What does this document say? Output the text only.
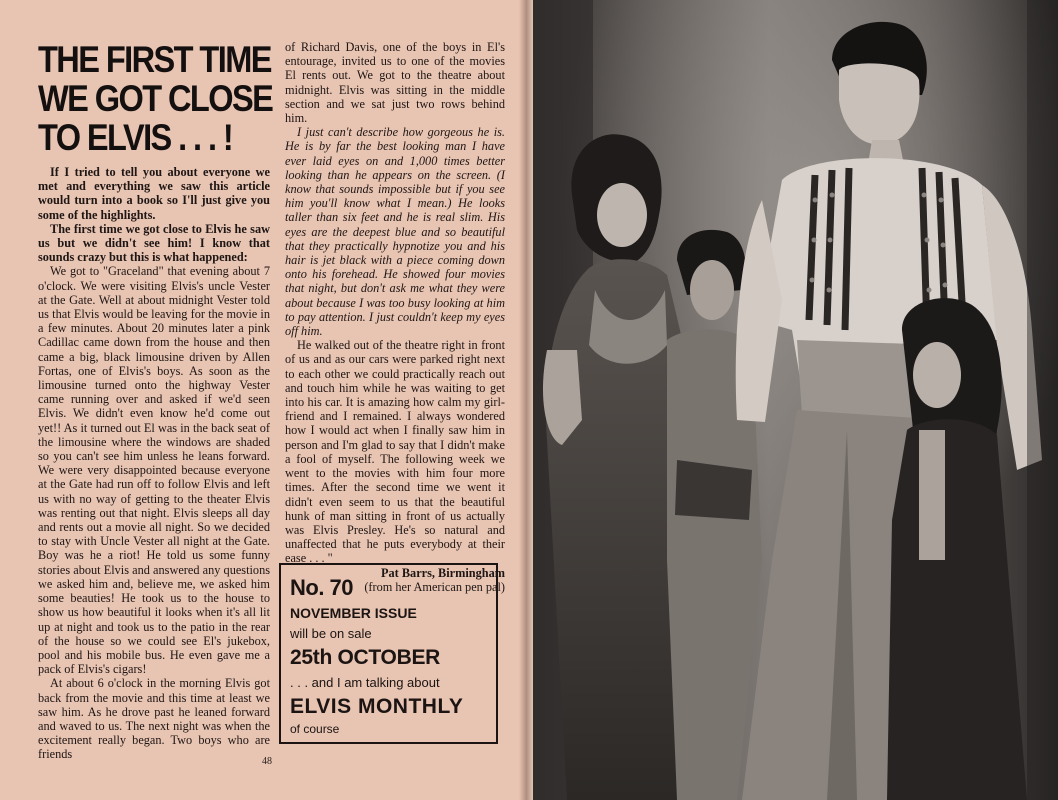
THE FIRST TIME
WE GOT CLOSE
TO ELVIS . . . !

If I tried to tell you about everyone we met and everything we saw this article would turn into a book so I'll just give you some of the highlights.

The first time we got close to Elvis he saw us but we didn't see him! I know that sounds crazy but this is what happened:

We got to "Graceland" that evening about 7 o'clock. We were visiting Elvis's uncle Vester at the Gate. Well at about midnight Vester told us that Elvis would be leaving for the movie in a few minutes. About 20 minutes later a pink Cadillac came down from the house and then came a big, black limousine driven by Allen Fortas, one of Elvis's boys. As soon as the limousine turned onto the highway Vester came running over and asked if we'd seen Elvis. We didn't even know he'd come out yet!! As it turned out El was in the back seat of the limousine where the windows are shaded so you can't see him unless he leans forward. We were very disappointed because everyone at the Gate had run off to follow Elvis and left us with no way of getting to the theater Elvis was renting out that night. Elvis sleeps all day and rents out a movie all night. So we decided to stay with Uncle Vester all night at the Gate. Boy was he a riot! He told us some funny stories about Elvis and answered any questions we asked him and, believe me, we asked him some beauties! He took us to the house to show us how beautiful it looks when it's all lit up at night and took us to the patio in the rear of the house so we could see El's jukebox, pool and his mobile bus. He even gave me a pack of Elvis's cigars!

At about 6 o'clock in the morning Elvis got back from the movie and this time at least we saw him. As he drove past he leaned forward and waved to us. The next night was when the excitement really began. Two boys who are friends

of Richard Davis, one of the boys in El's entourage, invited us to one of the movies El rents out. We got to the theatre about midnight. Elvis was sitting in the middle section and we sat just two rows behind him.

I just can't describe how gorgeous he is. He is by far the best looking man I have ever laid eyes on and 1,000 times better looking than he appears on the screen. (I know that sounds impossible but if you see him you'll know what I mean.) He looks taller than six feet and he is real slim. His eyes are the deepest blue and so beautiful that they practically hypnotize you and his hair is jet black with a piece coming down onto his forehead. He showed four movies that night, but don't ask me what they were about because I was too busy looking at him to pay attention. I just couldn't keep my eyes off him.

He walked out of the theatre right in front of us and as our cars were parked right next to each other we could practically reach out and touch him while he was waiting to get into his car. It is amazing how calm my girl-friend and I remained. I always wondered how I would act when I finally saw him in person and I'm glad to say that I didn't make a fool of myself. The following week we went to the movies with him four more times. After the second time we went it didn't even seem to us that the beautiful hunk of man sitting in front of us actually was Elvis Presley. He's so natural and unaffected that he puts everybody at their ease . . . "

Pat Barrs, Birmingham

(from her American pen pal)

No. 70
NOVEMBER ISSUE
will be on sale
25th OCTOBER
. . . and I am talking about
ELVIS MONTHLY
of course
48
